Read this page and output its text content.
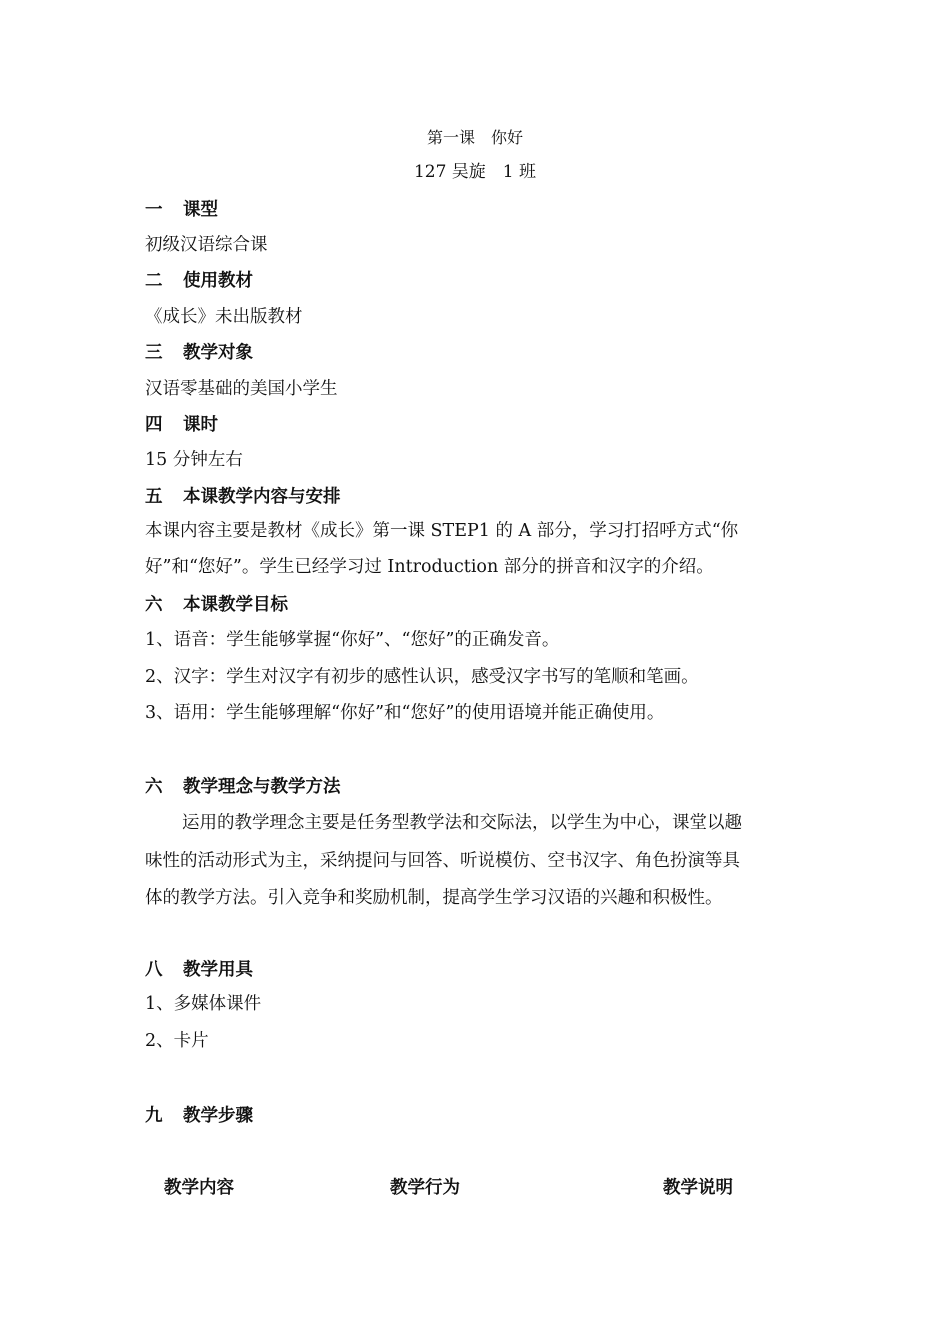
第一课　你好
127 吴旋　1 班
一 课型
初级汉语综合课
二 使用教材
《成长》未出版教材
三 教学对象
汉语零基础的美国小学生
四 课时
15 分钟左右
五 本课教学内容与安排
本课内容主要是教材《成长》第一课 STEP1 的 A 部分，学习打招呼方式“你
好”和“您好”。学生已经学习过 Introduction 部分的拼音和汉字的介绍。
六 本课教学目标
1、语音：学生能够掌握“你好”、“您好”的正确发音。
2、汉字：学生对汉字有初步的感性认识，感受汉字书写的笔顺和笔画。
3、语用：学生能够理解“你好”和“您好”的使用语境并能正确使用。
六 教学理念与教学方法
运用的教学理念主要是任务型教学法和交际法，以学生为中心，课堂以趣
味性的活动形式为主，采纳提问与回答、听说模仿、空书汉字、角色扮演等具
体的教学方法。引入竞争和奖励机制，提高学生学习汉语的兴趣和积极性。
八 教学用具
1、多媒体课件
2、卡片
九 教学步骤
教学内容	教学行为	教学说明
